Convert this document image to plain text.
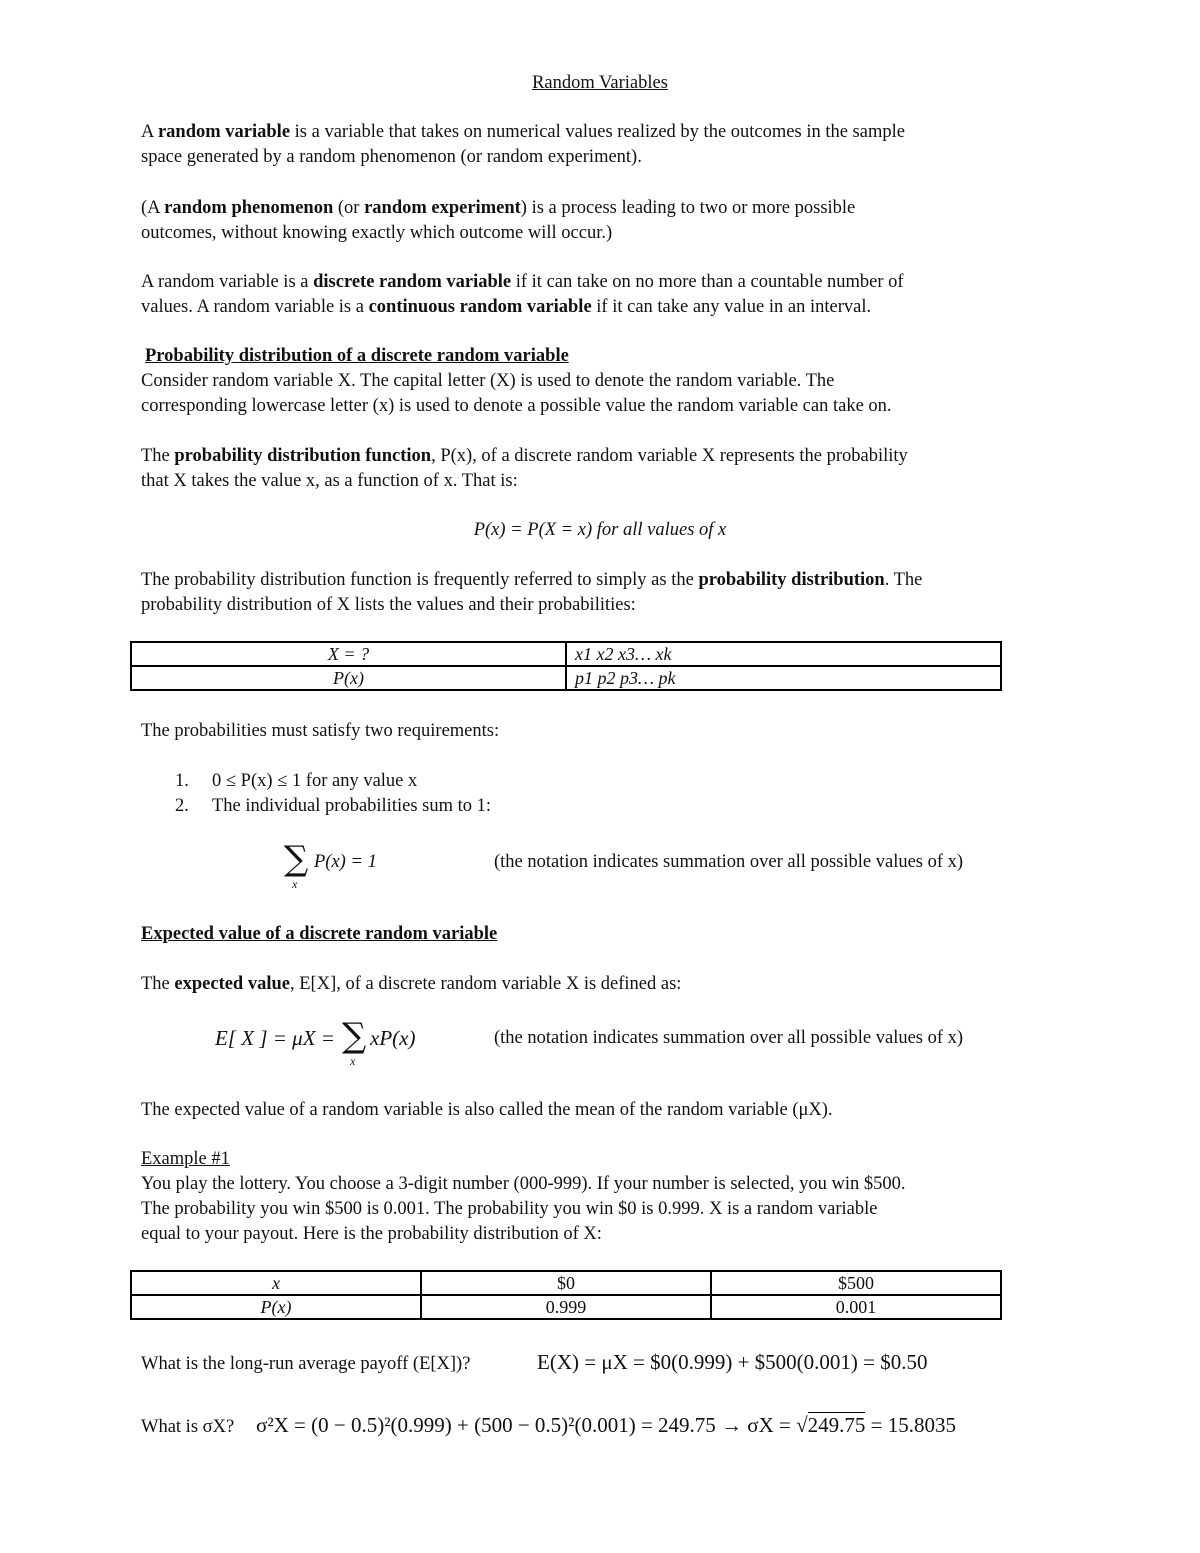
Random Variables
A random variable is a variable that takes on numerical values realized by the outcomes in the sample
space generated by a random phenomenon (or random experiment).
(A random phenomenon (or random experiment) is a process leading to two or more possible
outcomes, without knowing exactly which outcome will occur.)
A random variable is a discrete random variable if it can take on no more than a countable number of
values. A random variable is a continuous random variable if it can take any value in an interval.
Probability distribution of a discrete random variable
Consider random variable X. The capital letter (X) is used to denote the random variable. The
corresponding lowercase letter (x) is used to denote a possible value the random variable can take on.
The probability distribution function, P(x), of a discrete random variable X represents the probability
that X takes the value x, as a function of x. That is:
P(x) = P(X = x) for all values of x
The probability distribution function is frequently referred to simply as the probability distribution. The
probability distribution of X lists the values and their probabilities:
X = ?	x1 x2 x3… xk
P(x)	p1 p2 p3… pk
The probabilities must satisfy two requirements:
1. 0 ≤ P(x) ≤ 1 for any value x
2. The individual probabilities sum to 1:
∑
x
P(x) = 1	(the notation indicates summation over all possible values of x)
Expected value of a discrete random variable
The expected value, E[X], of a discrete random variable X is defined as:
E[ X ] = μX = ∑
x
xP(x)	(the notation indicates summation over all possible values of x)
The expected value of a random variable is also called the mean of the random variable (μX).
Example #1
You play the lottery. You choose a 3-digit number (000-999). If your number is selected, you win $500.
The probability you win $500 is 0.001. The probability you win $0 is 0.999. X is a random variable
equal to your payout. Here is the probability distribution of X:
x	$0	$500
P(x)	0.999	0.001
What is the long-run average payoff (E[X])?	E(X) = μX = $0(0.999) + $500(0.001) = $0.50
What is σX? σ²X = (0 − 0.5)²(0.999) + (500 − 0.5)²(0.001) = 249.75 → σX = √249.75 = 15.8035
